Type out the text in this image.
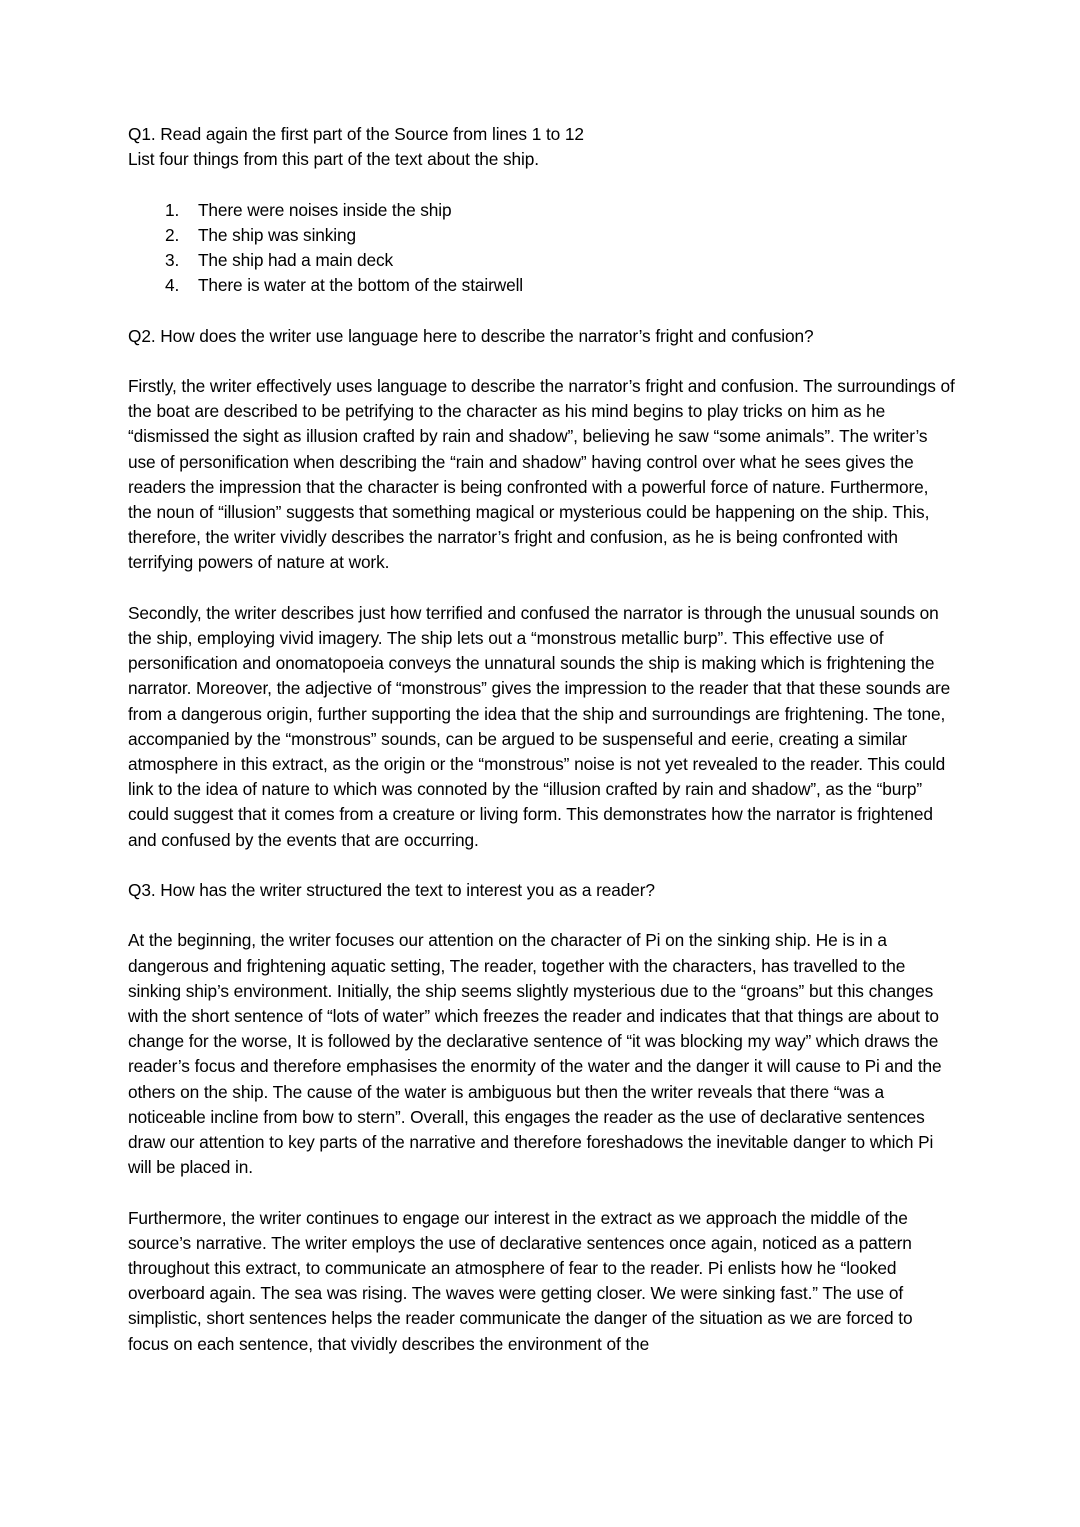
Q1. Read again the first part of the Source from lines 1 to 12

List four things from this part of the text about the ship.

1.	There were noises inside the ship
2.	The ship was sinking
3.	The ship had a main deck
4.	There is water at the bottom of the stairwell

Q2. How does the writer use language here to describe the narrator’s fright and confusion?

Firstly, the writer effectively uses language to describe the narrator’s fright and confusion. The surroundings of the boat are described to be petrifying to the character as his mind begins to play tricks on him as he “dismissed the sight as illusion crafted by rain and shadow”, believing he saw “some animals”. The writer’s use of personification when describing the “rain and shadow” having control over what he sees gives the readers the impression that the character is being confronted with a powerful force of nature. Furthermore, the noun of “illusion” suggests that something magical or mysterious could be happening on the ship. This, therefore, the writer vividly describes the narrator’s fright and confusion, as he is being confronted with terrifying powers of nature at work.

Secondly, the writer describes just how terrified and confused the narrator is through the unusual sounds on the ship, employing vivid imagery. The ship lets out a “monstrous metallic burp”. This effective use of personification and onomatopoeia conveys the unnatural sounds the ship is making which is frightening the narrator. Moreover, the adjective of “monstrous” gives the impression to the reader that that these sounds are from a dangerous origin, further supporting the idea that the ship and surroundings are frightening. The tone, accompanied by the “monstrous” sounds, can be argued to be suspenseful and eerie, creating a similar atmosphere in this extract, as the origin or the “monstrous” noise is not yet revealed to the reader. This could link to the idea of nature to which was connoted by the “illusion crafted by rain and shadow”, as the “burp” could suggest that it comes from a creature or living form. This demonstrates how the narrator is frightened and confused by the events that are occurring.

Q3. How has the writer structured the text to interest you as a reader?

At the beginning, the writer focuses our attention on the character of Pi on the sinking ship. He is in a dangerous and frightening aquatic setting, The reader, together with the characters, has travelled to the sinking ship’s environment. Initially, the ship seems slightly mysterious due to the “groans” but this changes with the short sentence of “lots of water” which freezes the reader and indicates that that things are about to change for the worse, It is followed by the declarative sentence of “it was blocking my way” which draws the reader’s focus and therefore emphasises the enormity of the water and the danger it will cause to Pi and the others on the ship. The cause of the water is ambiguous but then the writer reveals that there “was a noticeable incline from bow to stern”. Overall, this engages the reader as the use of declarative sentences draw our attention to key parts of the narrative and therefore foreshadows the inevitable danger to which Pi will be placed in.

Furthermore, the writer continues to engage our interest in the extract as we approach the middle of the source’s narrative. The writer employs the use of declarative sentences once again, noticed as a pattern throughout this extract, to communicate an atmosphere of fear to the reader. Pi enlists how he “looked overboard again. The sea was rising. The waves were getting closer. We were sinking fast.” The use of simplistic, short sentences helps the reader communicate the danger of the situation as we are forced to focus on each sentence, that vividly describes the environment of the
